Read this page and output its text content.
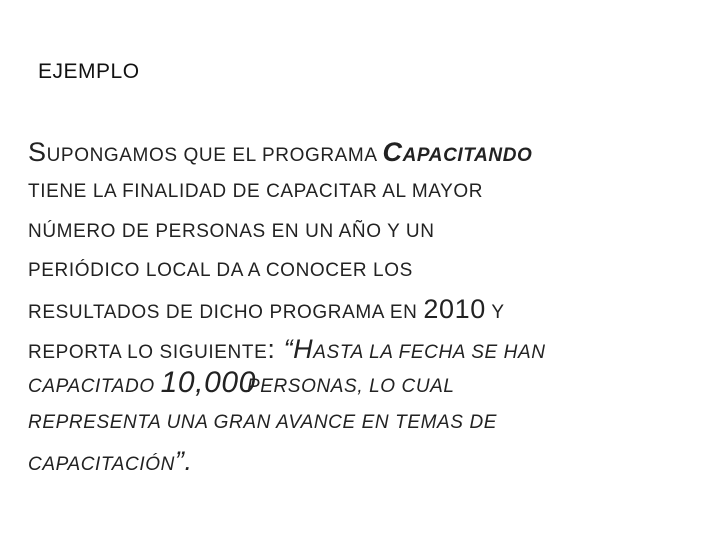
EJEMPLO
SUPONGAMOS QUE EL PROGRAMA CAPACITANDO
TIENE LA FINALIDAD DE CAPACITAR AL MAYOR
NÚMERO DE PERSONAS EN UN AÑO Y UN
PERIÓDICO LOCAL DA A CONOCER LOS
RESULTADOS DE DICHO PROGRAMA EN 2010 Y
REPORTA LO SIGUIENTE: “HASTA LA FECHA SE HAN
CAPACITADO 10,000PERSONAS, LO CUAL
REPRESENTA UNA GRAN AVANCE EN TEMAS DE
CAPACITACIÓN”.
